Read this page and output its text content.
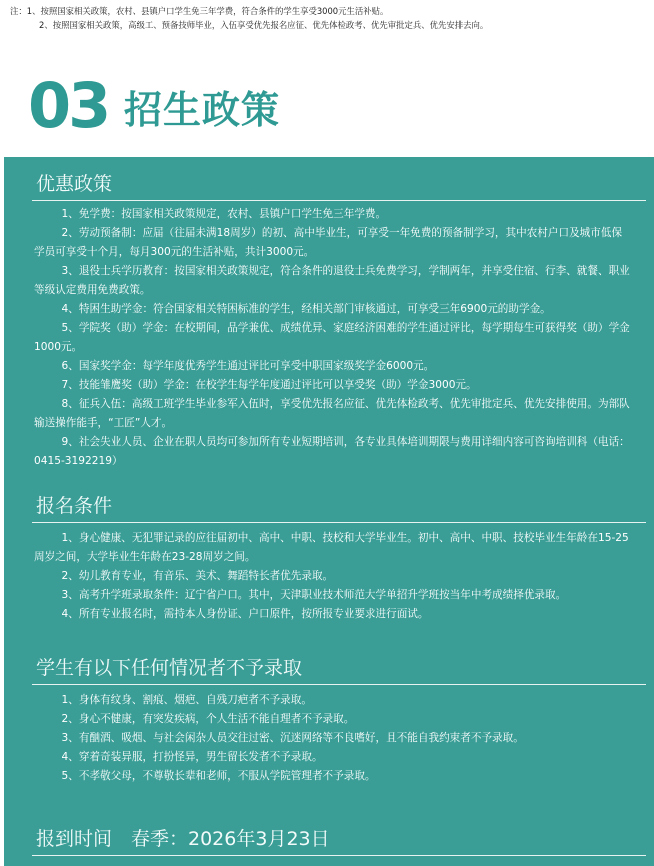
注：1、按照国家相关政策，农村、县镇户口学生免三年学费，符合条件的学生享受3000元生活补贴。
2、按照国家相关政策，高级工、预备技师毕业，入伍享受优先报名应征、优先体检政考、优先审批定兵、优先安排去向。
03 招生政策
优惠政策

1、免学费：按国家相关政策规定，农村、县镇户口学生免三年学费。

2、劳动预备制：应届（往届未满18周岁）的初、高中毕业生，可享受一年免费的预备制学习，其中农村户口及城市低保学员可享受十个月，每月300元的生活补贴，共计3000元。

3、退役士兵学历教育：按国家相关政策规定，符合条件的退役士兵免费学习，学制两年，并享受住宿、行李、就餐、职业等级认定费用免费政策。

4、特困生助学金：符合国家相关特困标准的学生，经相关部门审核通过，可享受三年6900元的助学金。

5、学院奖（助）学金：在校期间，品学兼优、成绩优异、家庭经济困难的学生通过评比，每学期每生可获得奖（助）学金1000元。

6、国家奖学金：每学年度优秀学生通过评比可享受中职国家级奖学金6000元。

7、技能雏鹰奖（助）学金：在校学生每学年度通过评比可以享受奖（助）学金3000元。

8、征兵入伍：高级工班学生毕业参军入伍时，享受优先报名应征、优先体检政考、优先审批定兵、优先安排使用。为部队输送操作能手，“工匠”人才。

9、社会失业人员、企业在职人员均可参加所有专业短期培训，各专业具体培训期限与费用详细内容可咨询培训科（电话：0415-3192219）

报名条件

1、身心健康、无犯罪记录的应往届初中、高中、中职、技校和大学毕业生。初中、高中、中职、技校毕业生年龄在15-25周岁之间，大学毕业生年龄在23-28周岁之间。

2、幼儿教育专业，有音乐、美术、舞蹈特长者优先录取。

3、高考升学班录取条件：辽宁省户口。其中，天津职业技术师范大学单招升学班按当年中考成绩择优录取。

4、所有专业报名时，需持本人身份证、户口原件，按所报专业要求进行面试。

学生有以下任何情况者不予录取

1、身体有纹身、割痕、烟疤、自残刀疤者不予录取。

2、身心不健康，有突发疾病，个人生活不能自理者不予录取。

3、有酗酒、吸烟、与社会闲杂人员交往过密、沉迷网络等不良嗜好，且不能自我约束者不予录取。

4、穿着奇装异服，打扮怪异，男生留长发者不予录取。

5、不孝敬父母，不尊敬长辈和老师，不服从学院管理者不予录取。

报到时间　春季：2026年3月23日
